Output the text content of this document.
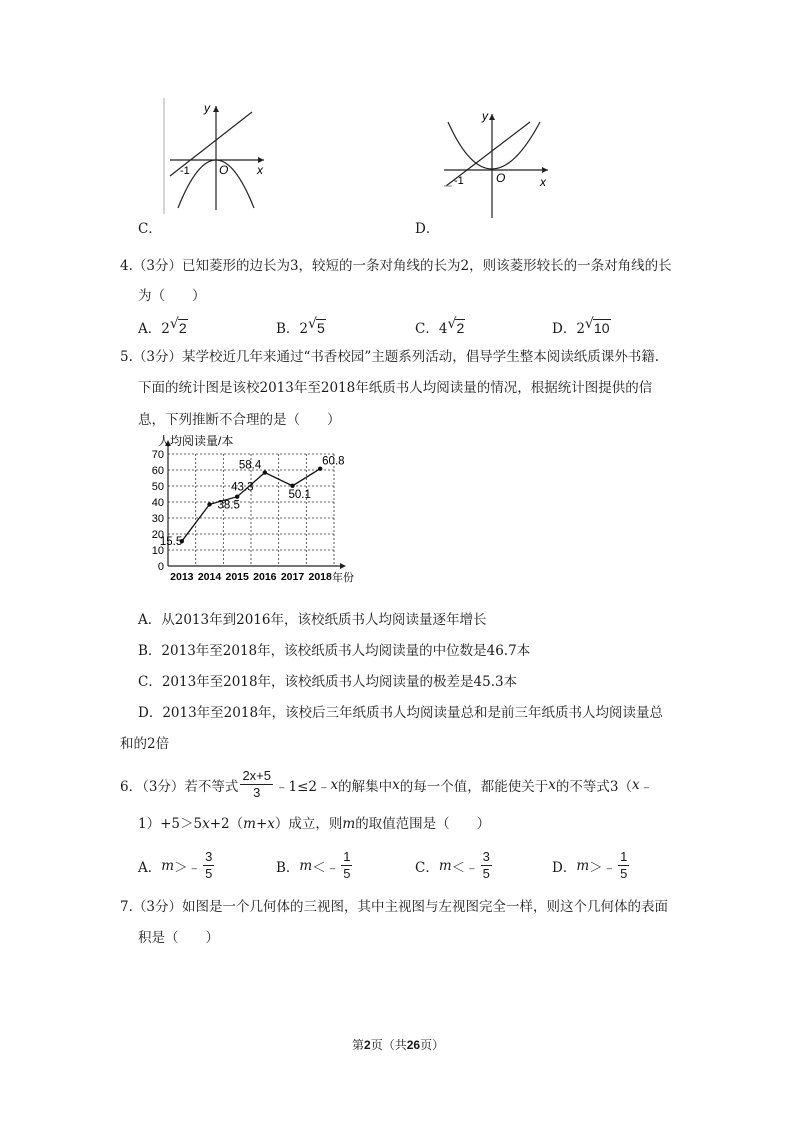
y
x
O
-1
C．
y
x
O
-1
D．
4.（3分）已知菱形的边长为3，较短的一条对角线的长为2，则该菱形较长的一条对角线的长
为（　　）
A．2 √ 2	B．2 √ 5	C．4 √ 2	D．2 √ 10
5.（3分）某学校近几年来通过“书香校园”主题系列活动，倡导学生整本阅读纸质课外书籍.
下面的统计图是该校2013年至2018年纸质书人均阅读量的情况，根据统计图提供的信
息，下列推断不合理的是（　　）
0
10
20
30
40
50
60
70
2013 2014 2015 2016 2017 2018
15.5
38.5
43.3
58.4
50.1
60.8
人均阅读量/本
年份
A．从2013年到2016年，该校纸质书人均阅读量逐年增长
B．2013年至2018年，该校纸质书人均阅读量的中位数是46.7本
C．2013年至2018年，该校纸质书人均阅读量的极差是45.3本
D．2013年至2018年，该校后三年纸质书人均阅读量总和是前三年纸质书人均阅读量总
和的2倍
6．（3分）若不等式 $\frac{2x+5}{3}$ ﹣1≤2﹣ x 的解集中 x 的每一个值，都能使关于 x 的不等式3（ x ﹣
1）+5＞5x+2（m+x）成立，则m的取值范围是（　　）
A． m ＞﹣ $\frac{3}{5}$	B． m ＜﹣ $\frac{1}{5}$	C． m ＜﹣ $\frac{3}{5}$	D． m ＞﹣ $\frac{1}{5}$
7.（3分）如图是一个几何体的三视图，其中主视图与左视图完全一样，则这个几何体的表面
积是（　　）
第2页（共26页）
